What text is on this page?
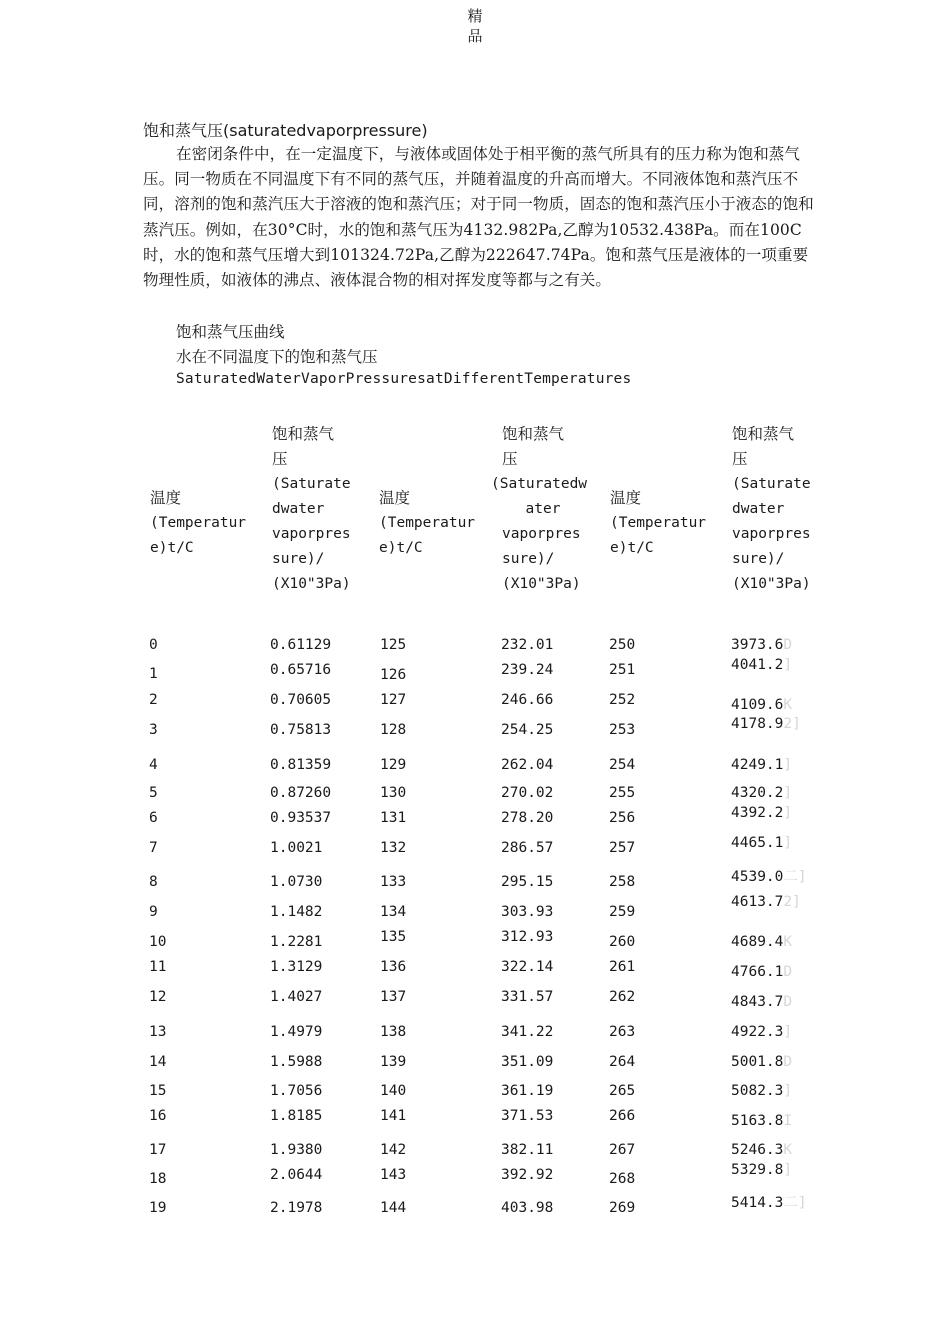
精
品
饱和蒸气压(saturatedvaporpressure)

在密闭条件中，在一定温度下，与液体或固体处于相平衡的蒸气所具有的压力称为饱和蒸气压。同一物质在不同温度下有不同的蒸气压，并随着温度的升高而增大。不同液体饱和蒸汽压不同，溶剂的饱和蒸汽压大于溶液的饱和蒸汽压；对于同一物质，固态的饱和蒸汽压小于液态的饱和蒸汽压。例如，在30°C时，水的饱和蒸气压为4132.982Pa,乙醇为10532.438Pa。而在100C时，水的饱和蒸气压增大到101324.72Pa,乙醇为222647.74Pa。饱和蒸气压是液体的一项重要物理性质，如液体的沸点、液体混合物的相对挥发度等都与之有关。

饱和蒸气压曲线
水在不同温度下的饱和蒸气压
SaturatedWaterVaporPressuresatDifferentTemperatures
温度
(Temperatur
e)t/C
温度
(Temperatur
e)t/C
温度
(Temperatur
e)t/C
饱和蒸气
压
(Saturate
dwater
vaporpres
sure)/
(X10"3Pa)
饱和蒸气
压
(Saturatedw
ater
vaporpres
sure)/
(X10"3Pa)
饱和蒸气
压
(Saturate
dwater
vaporpres
sure)/
(X10"3Pa)
0
1
2
3
4
5
6
7
8
9
10
11
12
13
14
15
16
17
18
19
0.61129
0.65716
0.70605
0.75813
0.81359
0.87260
0.93537
1.0021
1.0730
1.1482
1.2281
1.3129
1.4027
1.4979
1.5988
1.7056
1.8185
1.9380
2.0644
2.1978
125
126
127
128
129
130
131
132
133
134
135
136
137
138
139
140
141
142
143
144
232.01
239.24
246.66
254.25
262.04
270.02
278.20
286.57
295.15
303.93
312.93
322.14
331.57
341.22
351.09
361.19
371.53
382.11
392.92
403.98
250
251
252
253
254
255
256
257
258
259
260
261
262
263
264
265
266
267
268
269
3973.6D
4041.2]
4109.6K
4178.92]
4249.1]
4320.2]
4392.2]
4465.1]
4539.0二]
4613.72]
4689.4K
4766.1D
4843.7D
4922.3]
5001.8D
5082.3]
5163.8I
5246.3K
5329.8]
5414.3二]
